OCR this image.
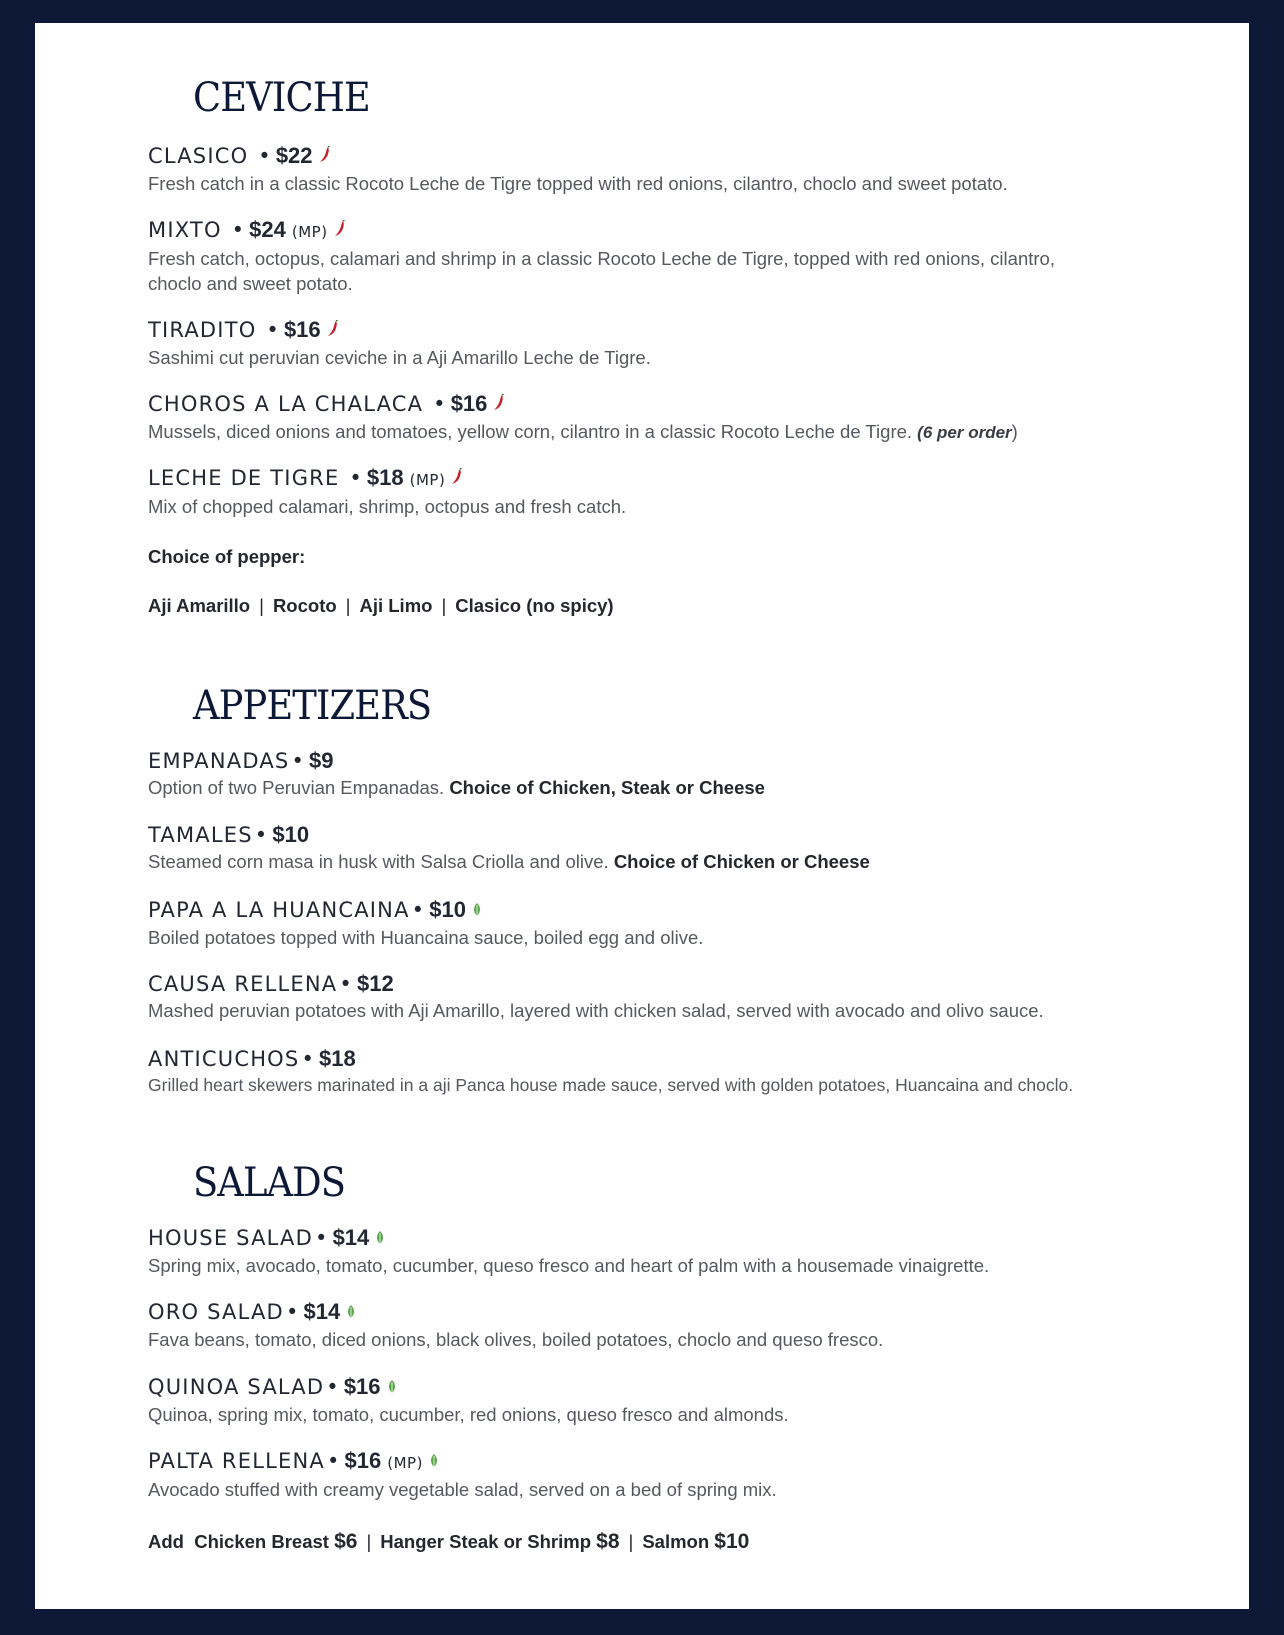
CEVICHE
CLASICO • $22
Fresh catch in a classic Rocoto Leche de Tigre topped with red onions, cilantro, choclo and sweet potato.
MIXTO • $24 (MP)
Fresh catch, octopus, calamari and shrimp in a classic Rocoto Leche de Tigre, topped with red onions, cilantro, choclo and sweet potato.
TIRADITO • $16
Sashimi cut peruvian ceviche in a Aji Amarillo Leche de Tigre.
CHOROS A LA CHALACA • $16
Mussels, diced onions and tomatoes, yellow corn, cilantro in a classic Rocoto Leche de Tigre. (6 per order)
LECHE DE TIGRE • $18 (MP)
Mix of chopped calamari, shrimp, octopus and fresh catch.
Choice of pepper:
Aji Amarillo | Rocoto | Aji Limo | Clasico (no spicy)
APPETIZERS
EMPANADAS• $9
Option of two Peruvian Empanadas. Choice of Chicken, Steak or Cheese
TAMALES• $10
Steamed corn masa in husk with Salsa Criolla and olive. Choice of Chicken or Cheese
PAPA A LA HUANCAINA• $10
Boiled potatoes topped with Huancaina sauce, boiled egg and olive.
CAUSA RELLENA• $12
Mashed peruvian potatoes with Aji Amarillo, layered with chicken salad, served with avocado and olivo sauce.
ANTICUCHOS• $18
Grilled heart skewers marinated in a aji Panca house made sauce, served with golden potatoes, Huancaina and choclo.
SALADS
HOUSE SALAD• $14
Spring mix, avocado, tomato, cucumber, queso fresco and heart of palm with a housemade vinaigrette.
ORO SALAD• $14
Fava beans, tomato, diced onions, black olives, boiled potatoes, choclo and queso fresco.
QUINOA SALAD• $16
Quinoa, spring mix, tomato, cucumber, red onions, queso fresco and almonds.
PALTA RELLENA• $16 (MP)
Avocado stuffed with creamy vegetable salad, served on a bed of spring mix.
Add  Chicken Breast $6 | Hanger Steak or Shrimp $8 | Salmon $10
